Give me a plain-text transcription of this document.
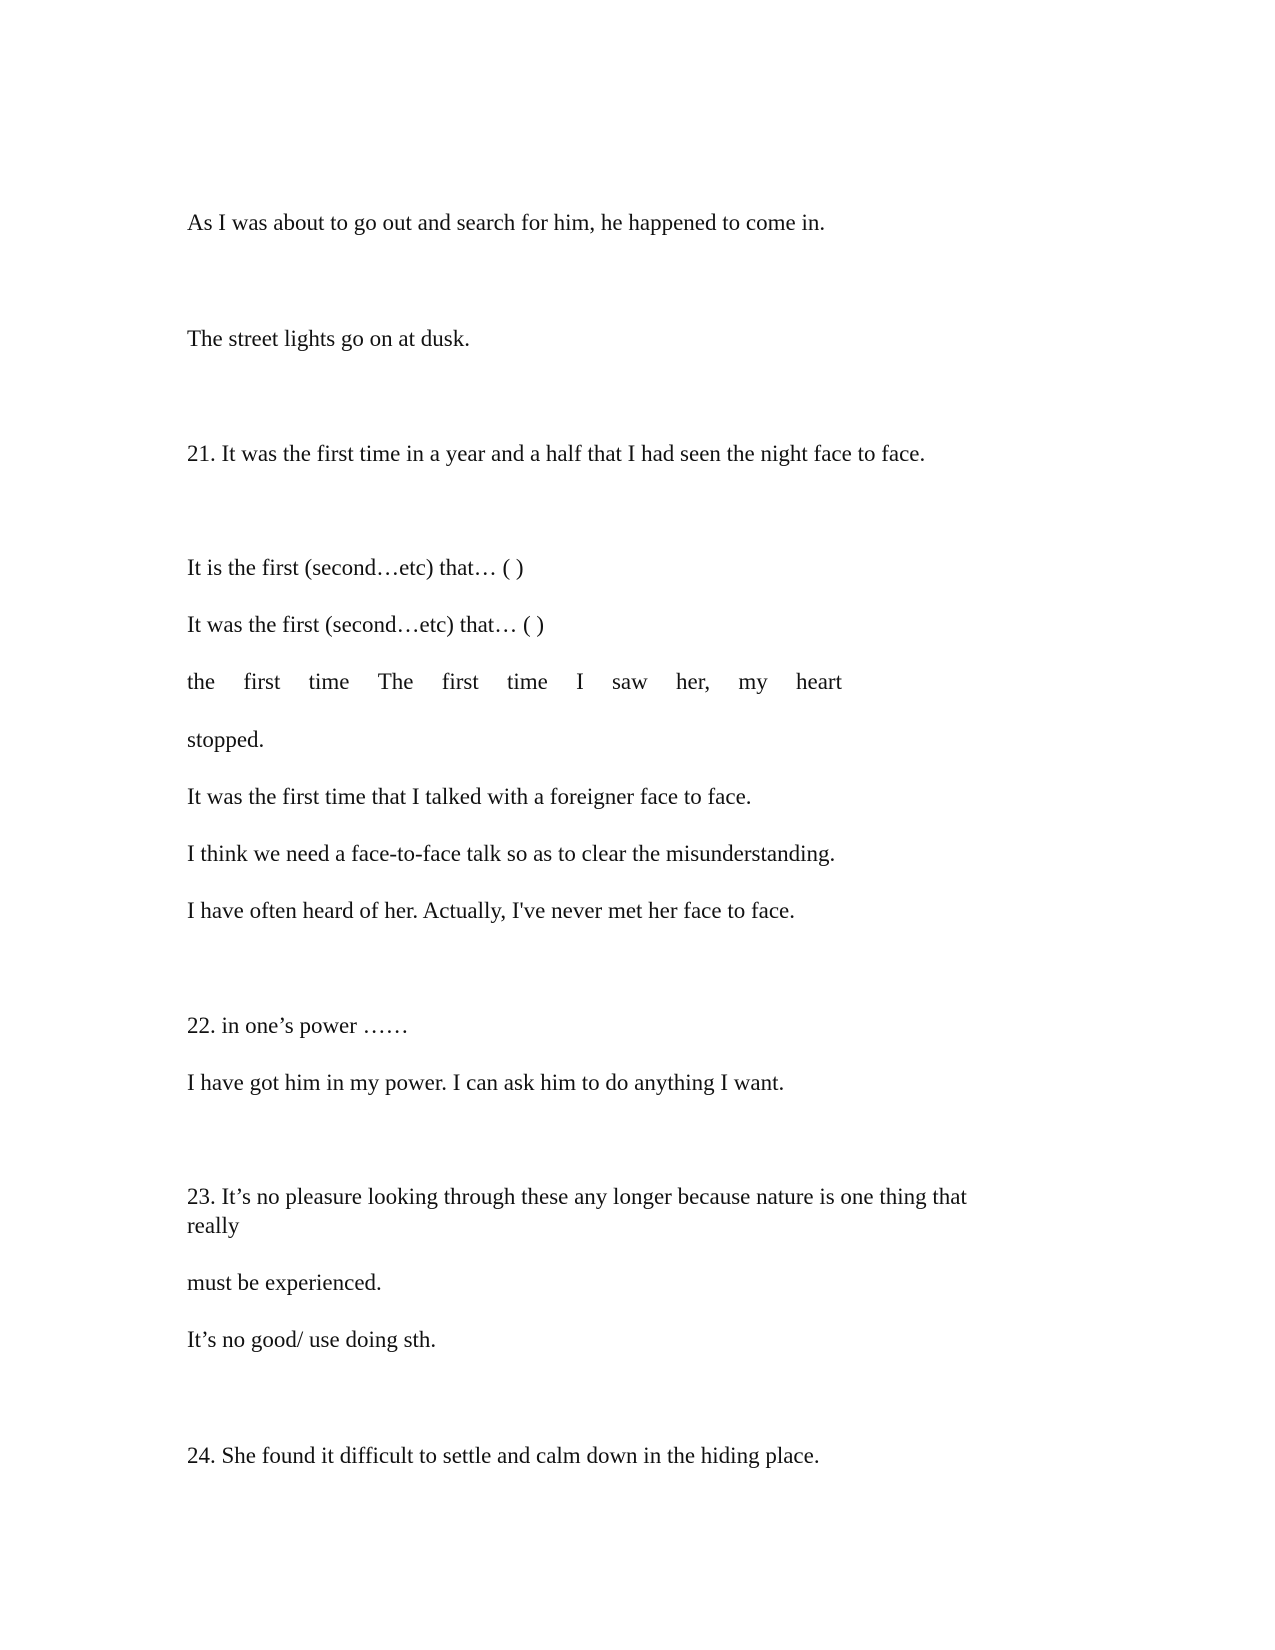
As I was about to go out and search for him, he happened to come in.
The street lights go on at dusk.
21. It was the first time in a year and a half that I had seen the night face to face.
It is the first (second…etc) that… ( )
It was the first (second…etc) that… ( )
the first time The first time I saw her, my heart
stopped.
It was the first time that I talked with a foreigner face to face.
I think we need a face-to-face talk so as to clear the misunderstanding.
I have often heard of her. Actually, I've never met her face to face.
22. in one’s power ……
I have got him in my power. I can ask him to do anything I want.
23. It’s no pleasure looking through these any longer because nature is one thing that
really
must be experienced.
It’s no good/ use doing sth.
24. She found it difficult to settle and calm down in the hiding place.
